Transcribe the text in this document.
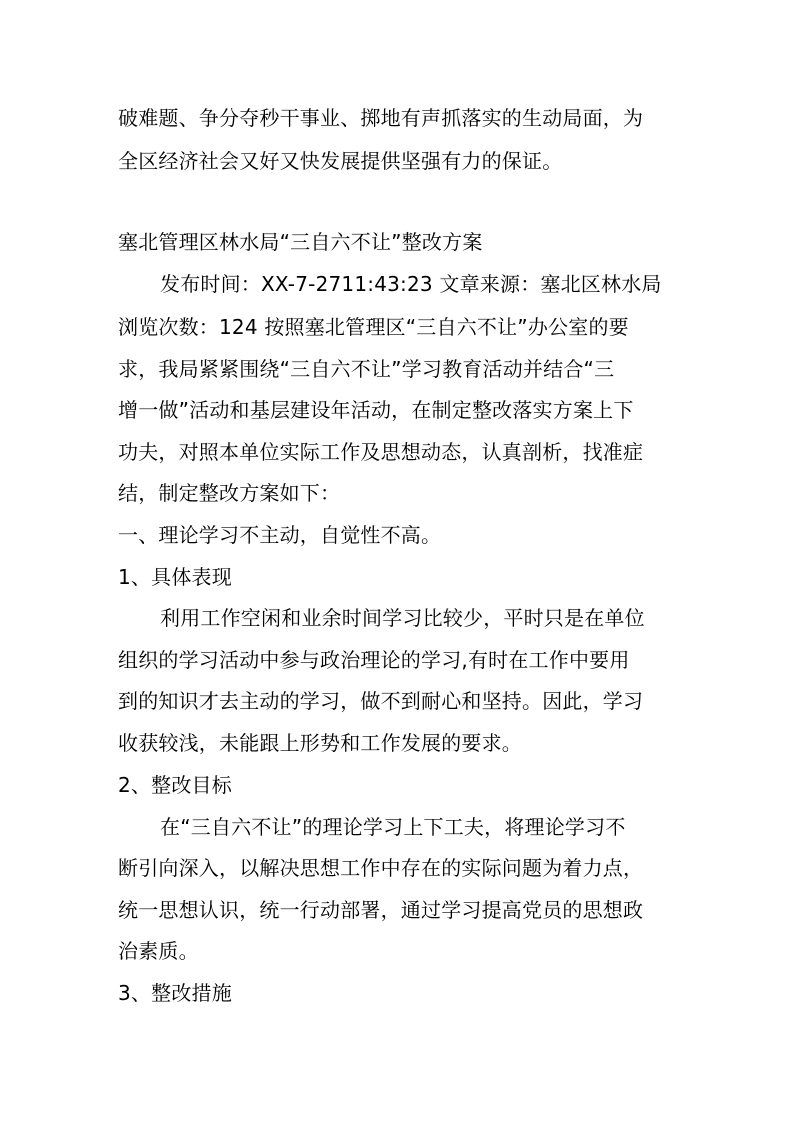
破难题、争分夺秒干事业、掷地有声抓落实的生动局面，为
全区经济社会又好又快发展提供坚强有力的保证。
塞北管理区林水局“三自六不让”整改方案
发布时间：XX-7-2711:43:23 文章来源：塞北区林水局
浏览次数：124 按照塞北管理区“三自六不让”办公室的要
求，我局紧紧围绕“三自六不让”学习教育活动并结合“三
增一做”活动和基层建设年活动，在制定整改落实方案上下
功夫，对照本单位实际工作及思想动态，认真剖析，找准症
结，制定整改方案如下：
一、理论学习不主动，自觉性不高。
1、具体表现
利用工作空闲和业余时间学习比较少，平时只是在单位
组织的学习活动中参与政治理论的学习,有时在工作中要用
到的知识才去主动的学习，做不到耐心和坚持。因此，学习
收获较浅，未能跟上形势和工作发展的要求。
2、整改目标
在“三自六不让”的理论学习上下工夫，将理论学习不
断引向深入，以解决思想工作中存在的实际问题为着力点，
统一思想认识，统一行动部署，通过学习提高党员的思想政
治素质。
3、整改措施
